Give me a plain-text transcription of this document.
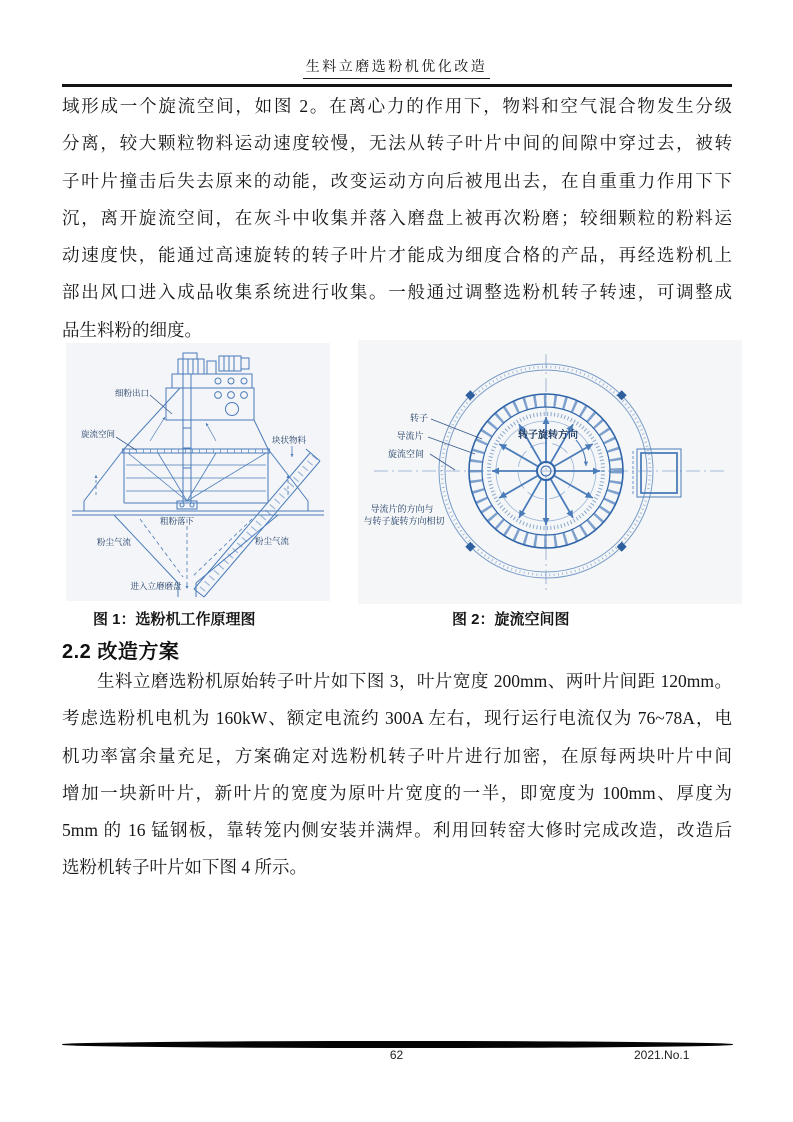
生料立磨选粉机优化改造
域形成一个旋流空间，如图 2。在离心力的作用下，物料和空气混合物发生分级
分离，较大颗粒物料运动速度较慢，无法从转子叶片中间的间隙中穿过去，被转
子叶片撞击后失去原来的动能，改变运动方向后被甩出去，在自重重力作用下下
沉，离开旋流空间，在灰斗中收集并落入磨盘上被再次粉磨；较细颗粒的粉料运
动速度快，能通过高速旋转的转子叶片才能成为细度合格的产品，再经选粉机上
部出风口进入成品收集系统进行收集。一般通过调整选粉机转子转速，可调整成
品生料粉的细度。
细粉出口
旋流空间
块状物料
粗粉落下
粉尘气流	粉尘气流
进入立磨磨盘
转子
导流片
旋流空间
转子旋转方向
导流片的方向与
与转子旋转方向相切
图 1：选粉机工作原理图	图 2：旋流空间图
2.2 改造方案
生料立磨选粉机原始转子叶片如下图 3，叶片宽度 200mm、两叶片间距 120mm。
考虑选粉机电机为 160kW、额定电流约 300A 左右，现行运行电流仅为 76~78A，电
机功率富余量充足，方案确定对选粉机转子叶片进行加密，在原每两块叶片中间
增加一块新叶片，新叶片的宽度为原叶片宽度的一半，即宽度为 100mm、厚度为
5mm 的 16 锰钢板，靠转笼内侧安装并满焊。利用回转窑大修时完成改造，改造后
选粉机转子叶片如下图 4 所示。
62	2021.No.1
